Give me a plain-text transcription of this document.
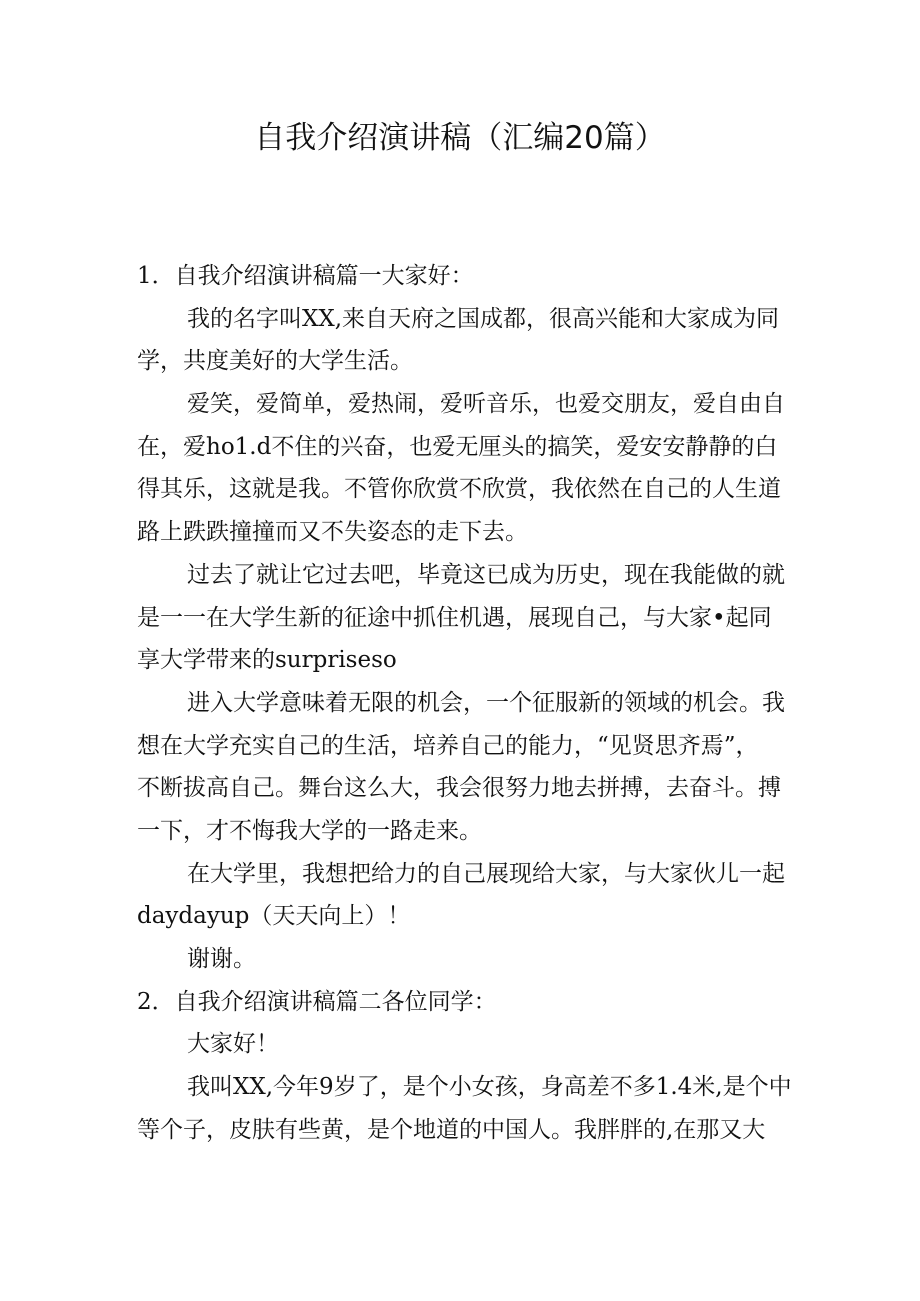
自我介绍演讲稿（汇编20篇）
1．自我介绍演讲稿篇一大家好：
我的名字叫XX,来自天府之国成都，很高兴能和大家成为同
学，共度美好的大学生活。
爱笑，爱简单，爱热闹，爱听音乐，也爱交朋友，爱自由自
在，爱ho1.d不住的兴奋，也爱无厘头的搞笑，爱安安静静的白
得其乐，这就是我。不管你欣赏不欣赏，我依然在自己的人生道
路上跌跌撞撞而又不失姿态的走下去。
过去了就让它过去吧，毕竟这已成为历史，现在我能做的就
是一一在大学生新的征途中抓住机遇，展现自己，与大家•起同
享大学带来的surpriseso
进入大学意味着无限的机会，一个征服新的领域的机会。我
想在大学充实自己的生活，培养自己的能力，“见贤思齐焉”，
不断拔高自己。舞台这么大，我会很努力地去拼搏，去奋斗。搏
一下，才不悔我大学的一路走来。
在大学里，我想把给力的自己展现给大家，与大家伙儿一起
daydayup（天天向上）！
谢谢。
2．自我介绍演讲稿篇二各位同学：
大家好！
我叫XX,今年9岁了，是个小女孩，身高差不多1.4米,是个中
等个子，皮肤有些黄，是个地道的中国人。我胖胖的,在那又大
